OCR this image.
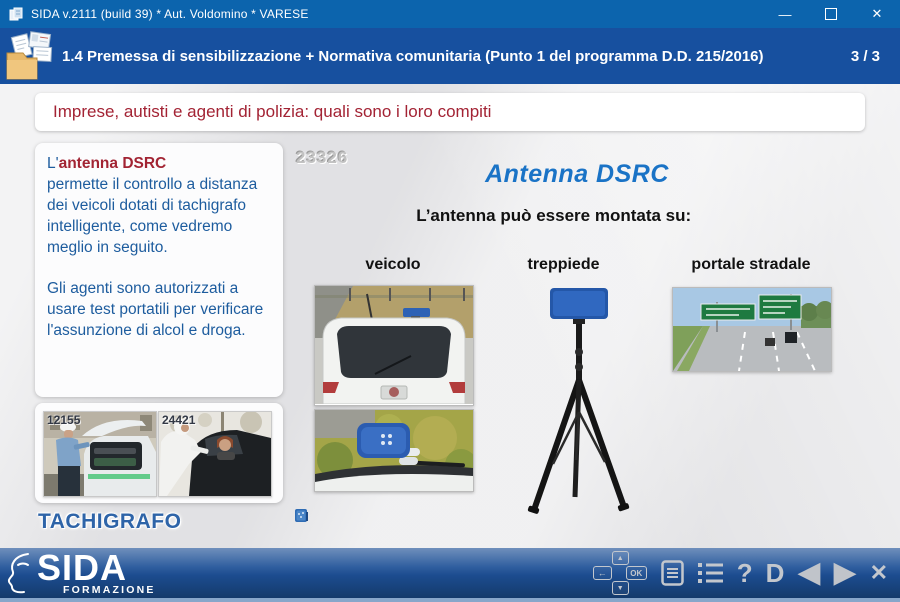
SIDA v.2111 (build 39) * Aut. Voldomino * VARESE	—	✕
1.4 Premessa di sensibilizzazione + Normativa comunitaria (Punto 1 del programma D.D. 215/2016)	3 / 3
Imprese, autisti e agenti di polizia: quali sono i loro compiti

L'antenna DSRC
permette il controllo a distanza dei veicoli dotati di tachigrafo intelligente, come vedremo meglio in seguito.

Gli agenti sono autorizzati a usare test portatili per verificare l'assunzione di alcol e droga.

12155	24421
TACHIGRAFO
23326
Antenna DSRC
L’antenna può essere montata su:
veicolo	treppiede	portale stradale
SIDA
FORMAZIONE
▲
←	OK
▼
? D ◀ ▶ ✕
